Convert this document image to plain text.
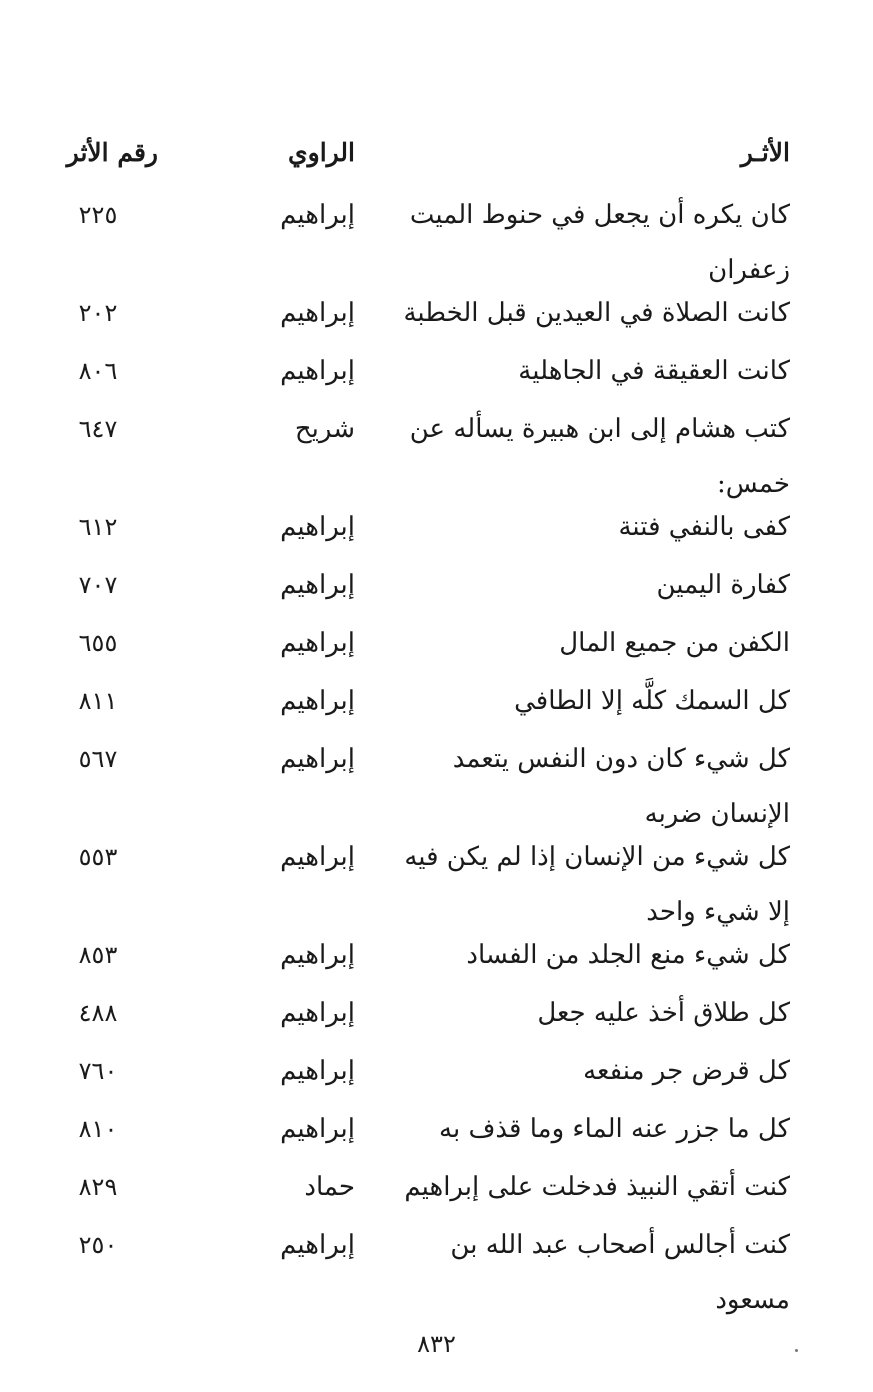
الأثـر
الراوي
رقم الأثر
كان يكره أن يجعل في حنوط الميت زعفران
إبراهيم
٢٢٥
كانت الصلاة في العيدين قبل الخطبة
إبراهيم
٢٠٢
كانت العقيقة في الجاهلية
إبراهيم
٨٠٦
كتب هشام إلى ابن هبيرة يسأله عن خمس:
شريح
٦٤٧
كفى بالنفي فتنة
إبراهيم
٦١٢
كفارة اليمين
إبراهيم
٧٠٧
الكفن من جميع المال
إبراهيم
٦٥٥
كل السمك كلَّه إلا الطافي
إبراهيم
٨١١
كل شيء كان دون النفس يتعمد الإنسان ضربه
إبراهيم
٥٦٧
كل شيء من الإنسان إذا لم يكن فيه إلا شيء واحد
إبراهيم
٥٥٣
كل شيء منع الجلد من الفساد
إبراهيم
٨٥٣
كل طلاق أخذ عليه جعل
إبراهيم
٤٨٨
كل قرض جر منفعه
إبراهيم
٧٦٠
كل ما جزر عنه الماء وما قذف به
إبراهيم
٨١٠
كنت أتقي النبيذ فدخلت على إبراهيم
حماد
٨٢٩
كنت أجالس أصحاب عبد الله بن مسعود
إبراهيم
٢٥٠
٨٣٢
